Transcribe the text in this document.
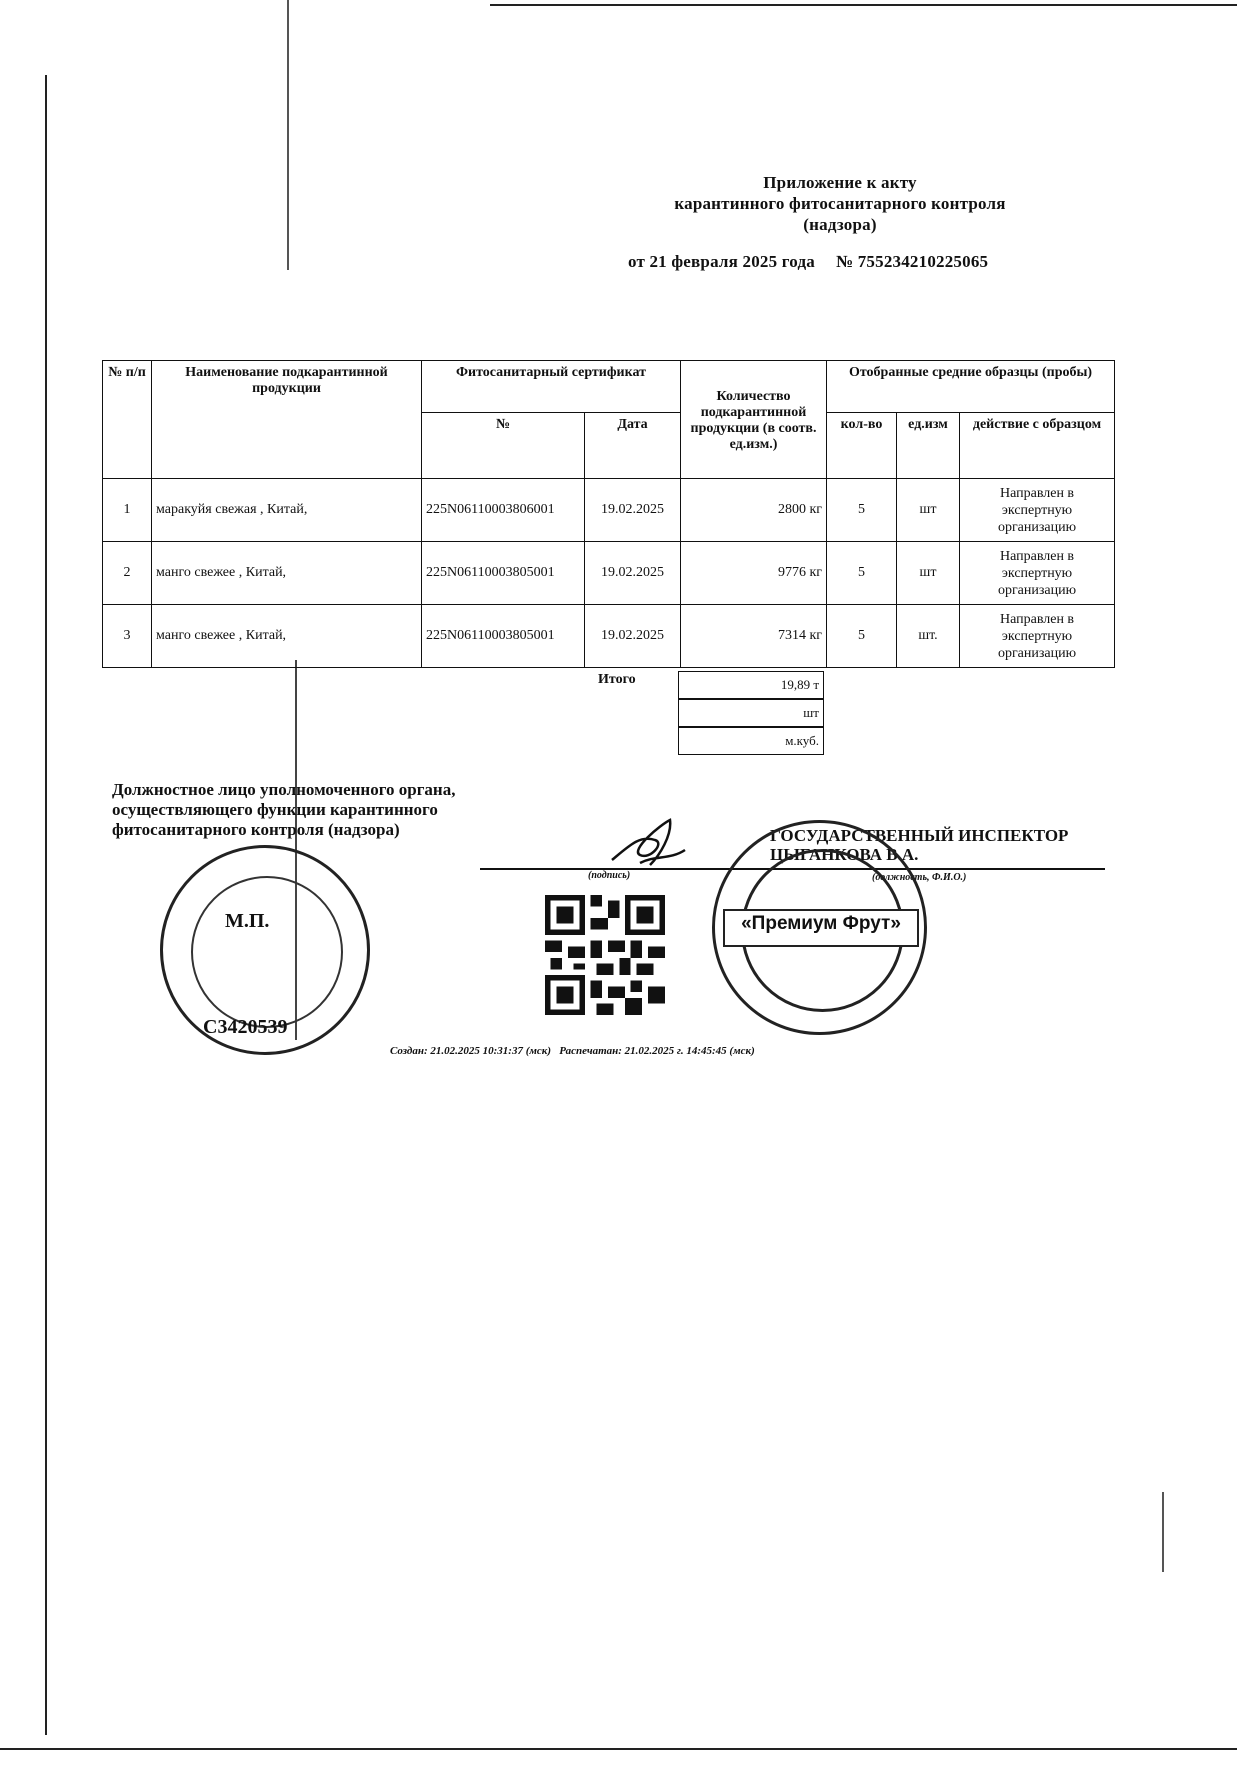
Приложение к акту
карантинного фитосанитарного контроля
(надзора)
от 21 февраля 2025 года № 755234210225065
№ п/п	Наименование подкарантинной продукции	Фитосанитарный сертификат		Количество подкарантинной продукции (в соотв. ед.изм.)	Отобранные средние образцы (пробы)		
		№	Дата		кол-во	ед.изм	действие с образцом
1	маракуйя свежая , Китай,	225N06110003806001	19.02.2025	2800 кг	5	шт	Направлен в экспертную организацию
2	манго свежее , Китай,	225N06110003805001	19.02.2025	9776 кг	5	шт	Направлен в экспертную организацию
3	манго свежее , Китай,	225N06110003805001	19.02.2025	7314 кг	5	шт.	Направлен в экспертную организацию
Итого	19,89 т
шт
м.куб.
Должностное лицо уполномоченного органа,
осуществляющего функции карантинного
фитосанитарного контроля (надзора)
(подпись)
ГОСУДАРСТВЕННЫЙ ИНСПЕКТОР
ЦЫГАНКОВА В.А.
(должность, Ф.И.О.)
М.П.
C3420539
«Премиум Фрут»
Создан: 21.02.2025 10:31:37 (мск) Распечатан: 21.02.2025 г. 14:45:45 (мск)
